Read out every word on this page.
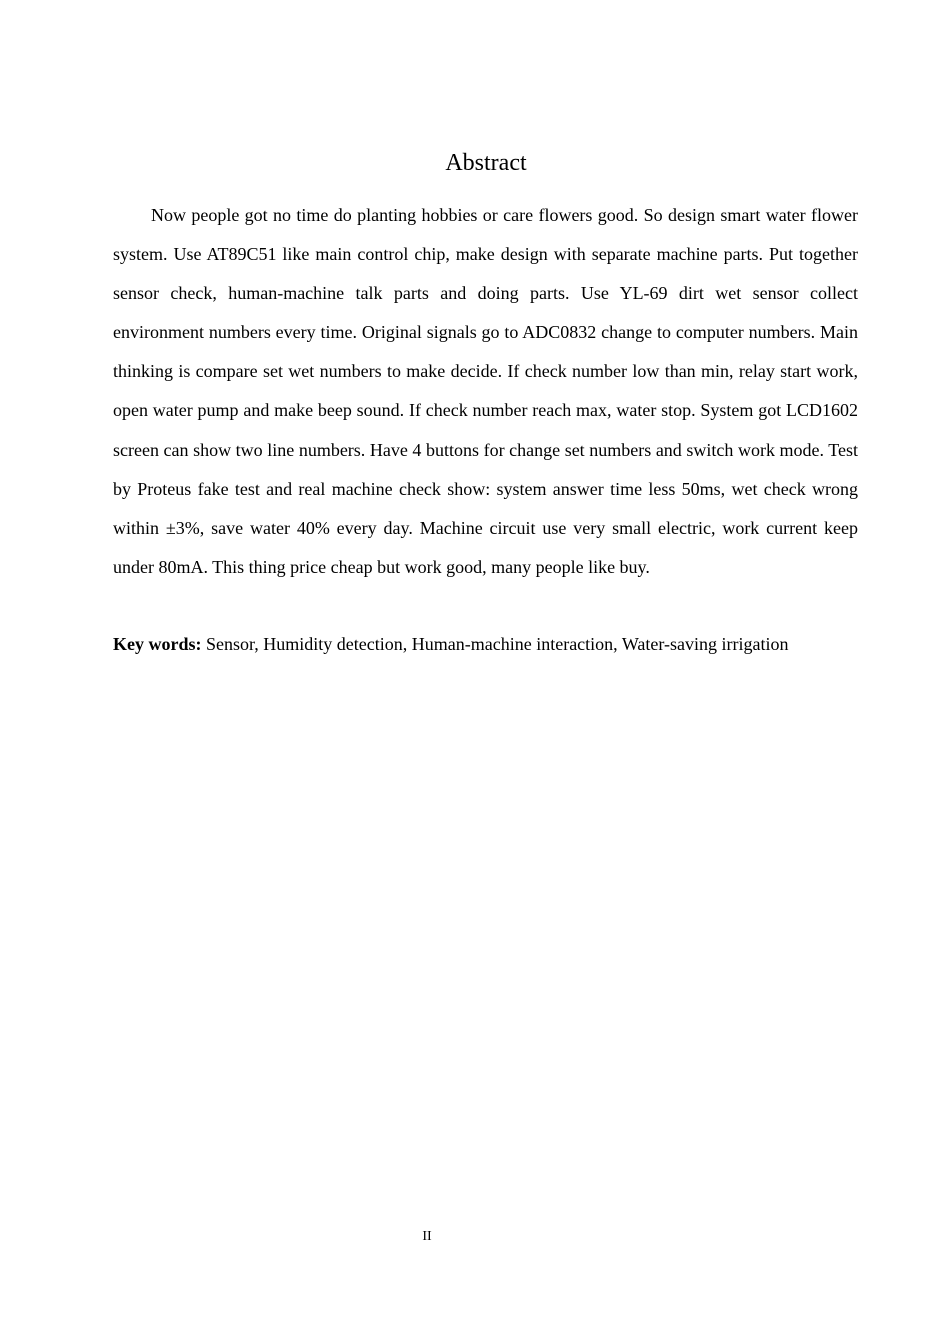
Abstract

Now people got no time do planting hobbies or care flowers good. So design smart water flower system. Use AT89C51 like main control chip, make design with separate machine parts. Put together sensor check, human-machine talk parts and doing parts. Use YL-69 dirt wet sensor collect environment numbers every time. Original signals go to ADC0832 change to computer numbers. Main thinking is compare set wet numbers to make decide. If check number low than min, relay start work, open water pump and make beep sound. If check number reach max, water stop. System got LCD1602 screen can show two line numbers. Have 4 buttons for change set numbers and switch work mode. Test by Proteus fake test and real machine check show: system answer time less 50ms, wet check wrong within ±3%, save water 40% every day. Machine circuit use very small electric, work current keep under 80mA. This thing price cheap but work good, many people like buy.

Key words: Sensor, Humidity detection, Human-machine interaction, Water-saving irrigation

II
